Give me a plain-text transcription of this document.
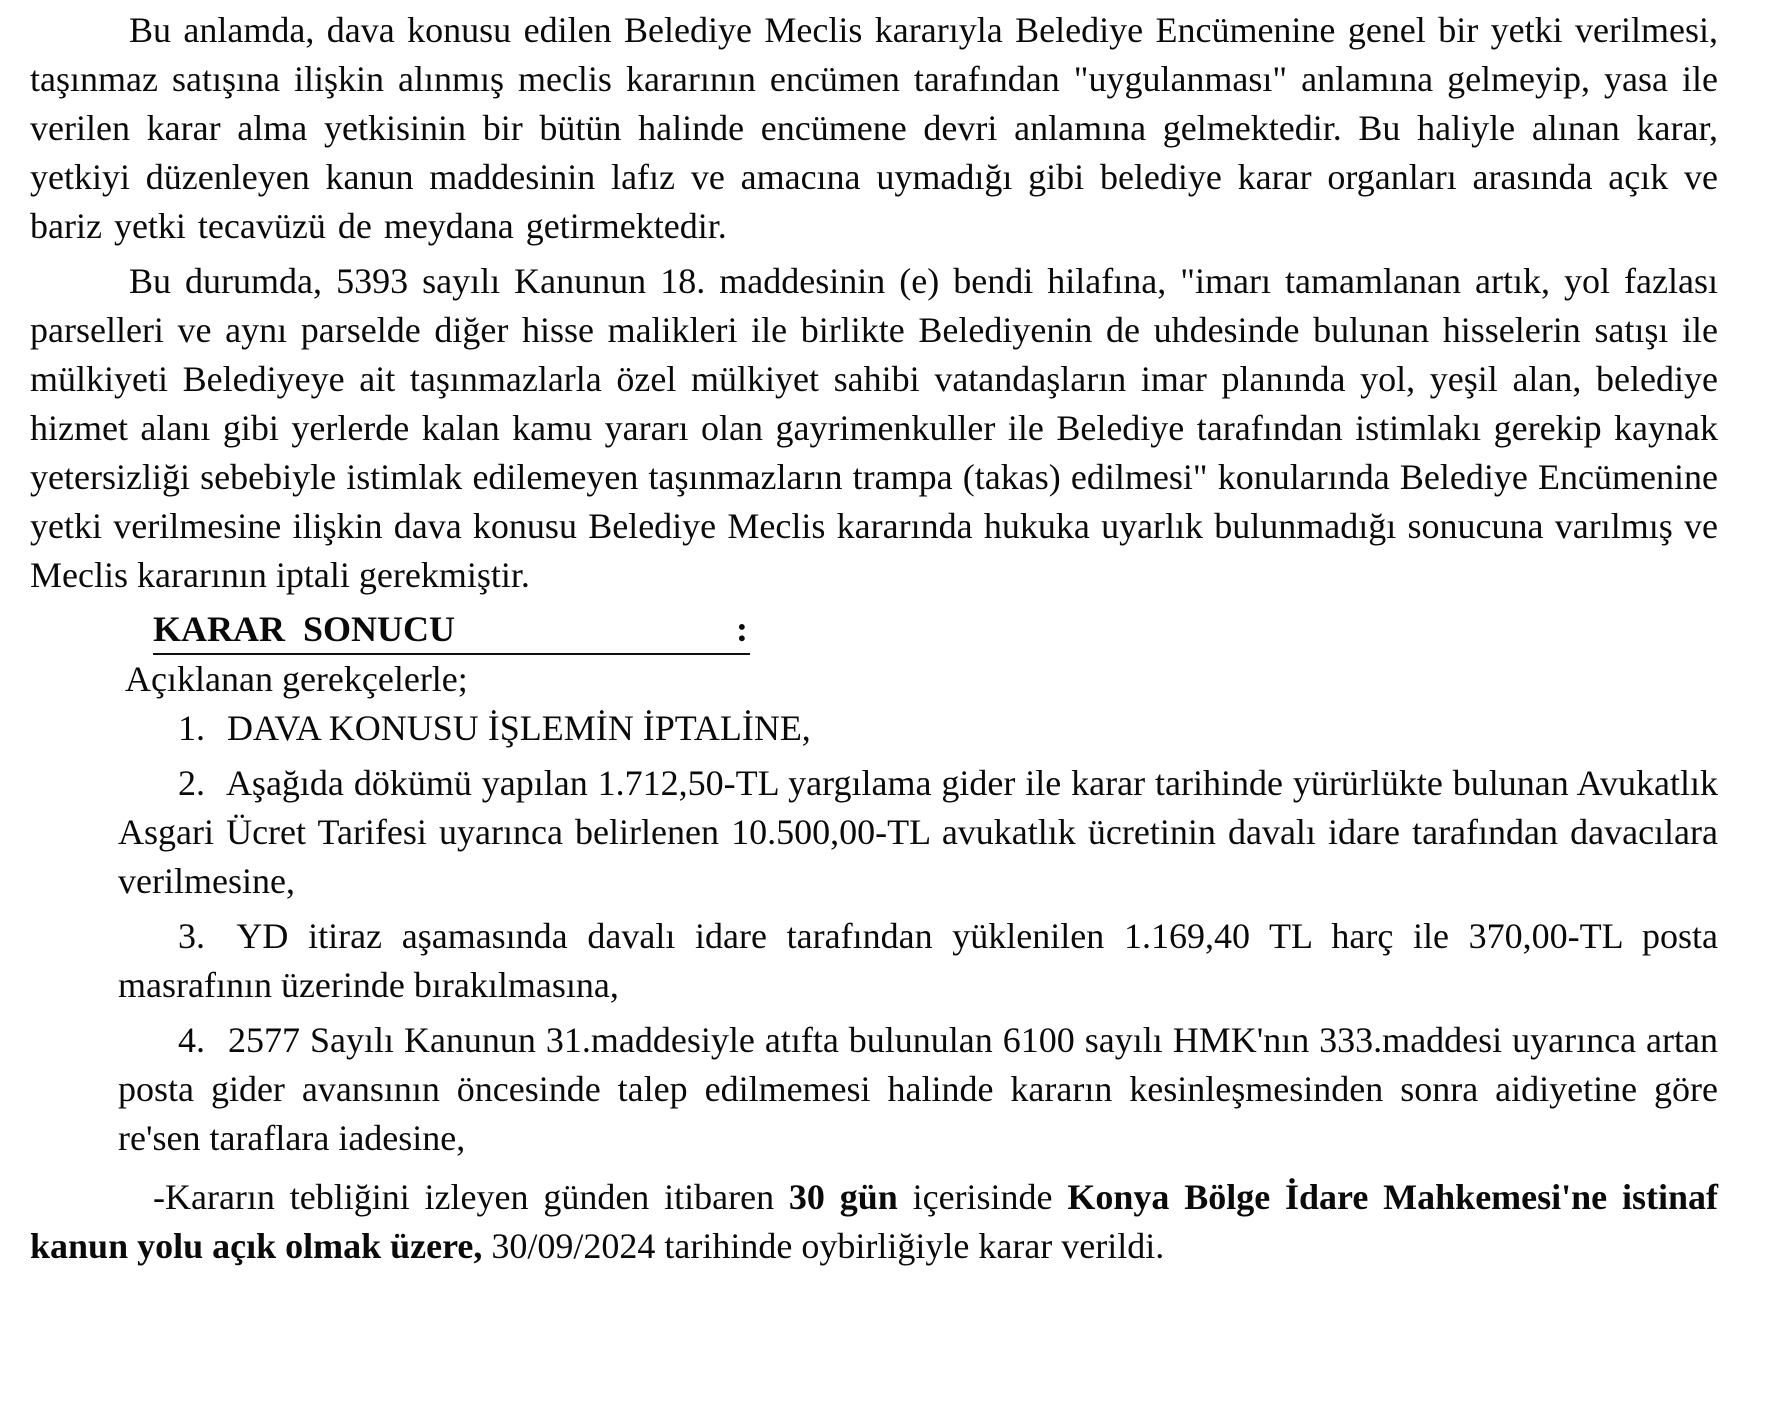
Bu anlamda, dava konusu edilen Belediye Meclis kararıyla Belediye Encümenine genel bir yetki verilmesi, taşınmaz satışına ilişkin alınmış meclis kararının encümen tarafından "uygulanması" anlamına gelmeyip, yasa ile verilen karar alma yetkisinin bir bütün halinde encümene devri anlamına gelmektedir. Bu haliyle alınan karar, yetkiyi düzenleyen kanun maddesinin lafız ve amacına uymadığı gibi belediye karar organları arasında açık ve bariz yetki tecavüzü de meydana getirmektedir.

Bu durumda, 5393 sayılı Kanunun 18. maddesinin (e) bendi hilafına, "imarı tamamlanan artık, yol fazlası parselleri ve aynı parselde diğer hisse malikleri ile birlikte Belediyenin de uhdesinde bulunan hisselerin satışı ile mülkiyeti Belediyeye ait taşınmazlarla özel mülkiyet sahibi vatandaşların imar planında yol, yeşil alan, belediye hizmet alanı gibi yerlerde kalan kamu yararı olan gayrimenkuller ile Belediye tarafından istimlakı gerekip kaynak yetersizliği sebebiyle istimlak edilemeyen taşınmazların trampa (takas) edilmesi" konularında Belediye Encümenine yetki verilmesine ilişkin dava konusu Belediye Meclis kararında hukuka uyarlık bulunmadığı sonucuna varılmış ve Meclis kararının iptali gerekmiştir.

KARAR  SONUCU	:

Açıklanan gerekçelerle;

1. DAVA KONUSU İŞLEMİN İPTALİNE,

2. Aşağıda dökümü yapılan 1.712,50-TL yargılama gider ile karar tarihinde yürürlükte bulunan Avukatlık Asgari Ücret Tarifesi uyarınca belirlenen 10.500,00-TL avukatlık ücretinin davalı idare tarafından davacılara verilmesine,

3. YD itiraz aşamasında davalı idare tarafından yüklenilen 1.169,40 TL harç ile 370,00-TL posta masrafının üzerinde bırakılmasına,

4. 2577 Sayılı Kanunun 31.maddesiyle atıfta bulunulan 6100 sayılı HMK'nın 333.maddesi uyarınca artan posta gider avansının öncesinde talep edilmemesi halinde kararın kesinleşmesinden sonra aidiyetine göre re'sen taraflara iadesine,

-Kararın tebliğini izleyen günden itibaren 30 gün içerisinde Konya Bölge İdare Mahkemesi'ne istinaf kanun yolu açık olmak üzere, 30/09/2024 tarihinde oybirliğiyle karar verildi.
